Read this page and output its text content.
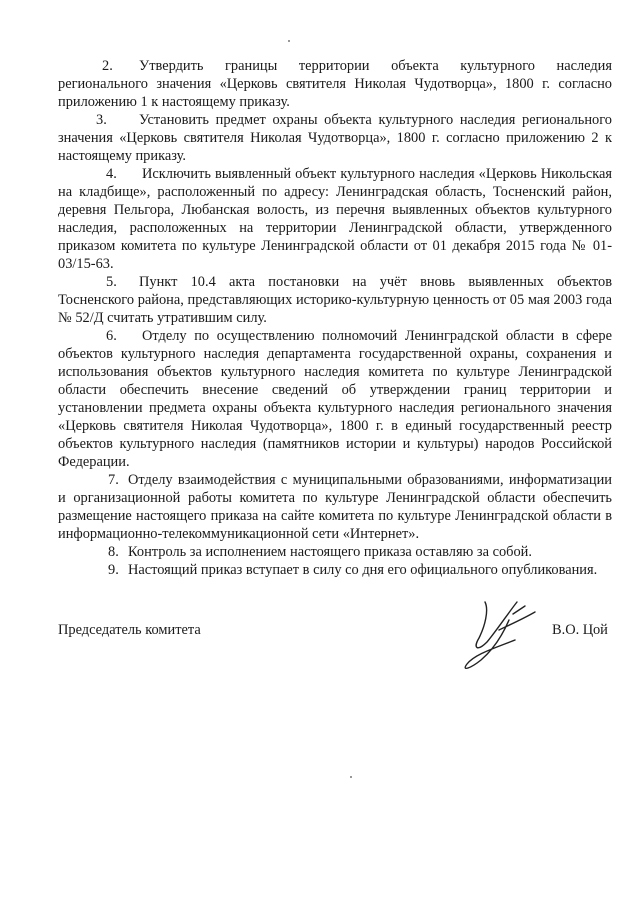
2. Утвердить границы территории объекта культурного наследия регионального значения «Церковь святителя Николая Чудотворца», 1800 г. согласно приложению 1 к настоящему приказу.

3. Установить предмет охраны объекта культурного наследия регионального значения «Церковь святителя Николая Чудотворца», 1800 г. согласно приложению 2 к настоящему приказу.

4. Исключить выявленный объект культурного наследия «Церковь Никольская на кладбище», расположенный по адресу: Ленинградская область, Тосненский район, деревня Пельгора, Любанская волость, из перечня выявленных объектов культурного наследия, расположенных на территории Ленинградской области, утвержденного приказом комитета по культуре Ленинградской области от 01 декабря 2015 года № 01-03/15-63.

5. Пункт 10.4 акта постановки на учёт вновь выявленных объектов Тосненского района, представляющих историко-культурную ценность от 05 мая 2003 года № 52/Д считать утратившим силу.

6. Отделу по осуществлению полномочий Ленинградской области в сфере объектов культурного наследия департамента государственной охраны, сохранения и использования объектов культурного наследия комитета по культуре Ленинградской области обеспечить внесение сведений об утверждении границ территории и установлении предмета охраны объекта культурного наследия регионального значения «Церковь святителя Николая Чудотворца», 1800 г. в единый государственный реестр объектов культурного наследия (памятников истории и культуры) народов Российской Федерации.

7. Отделу взаимодействия с муниципальными образованиями, информатизации и организационной работы комитета по культуре Ленинградской области обеспечить размещение настоящего приказа на сайте комитета по культуре Ленинградской области в информационно-телекоммуникационной сети «Интернет».

8. Контроль за исполнением настоящего приказа оставляю за собой.

9. Настоящий приказ вступает в силу со дня его официального опубликования.

Председатель комитета	В.О. Цой
